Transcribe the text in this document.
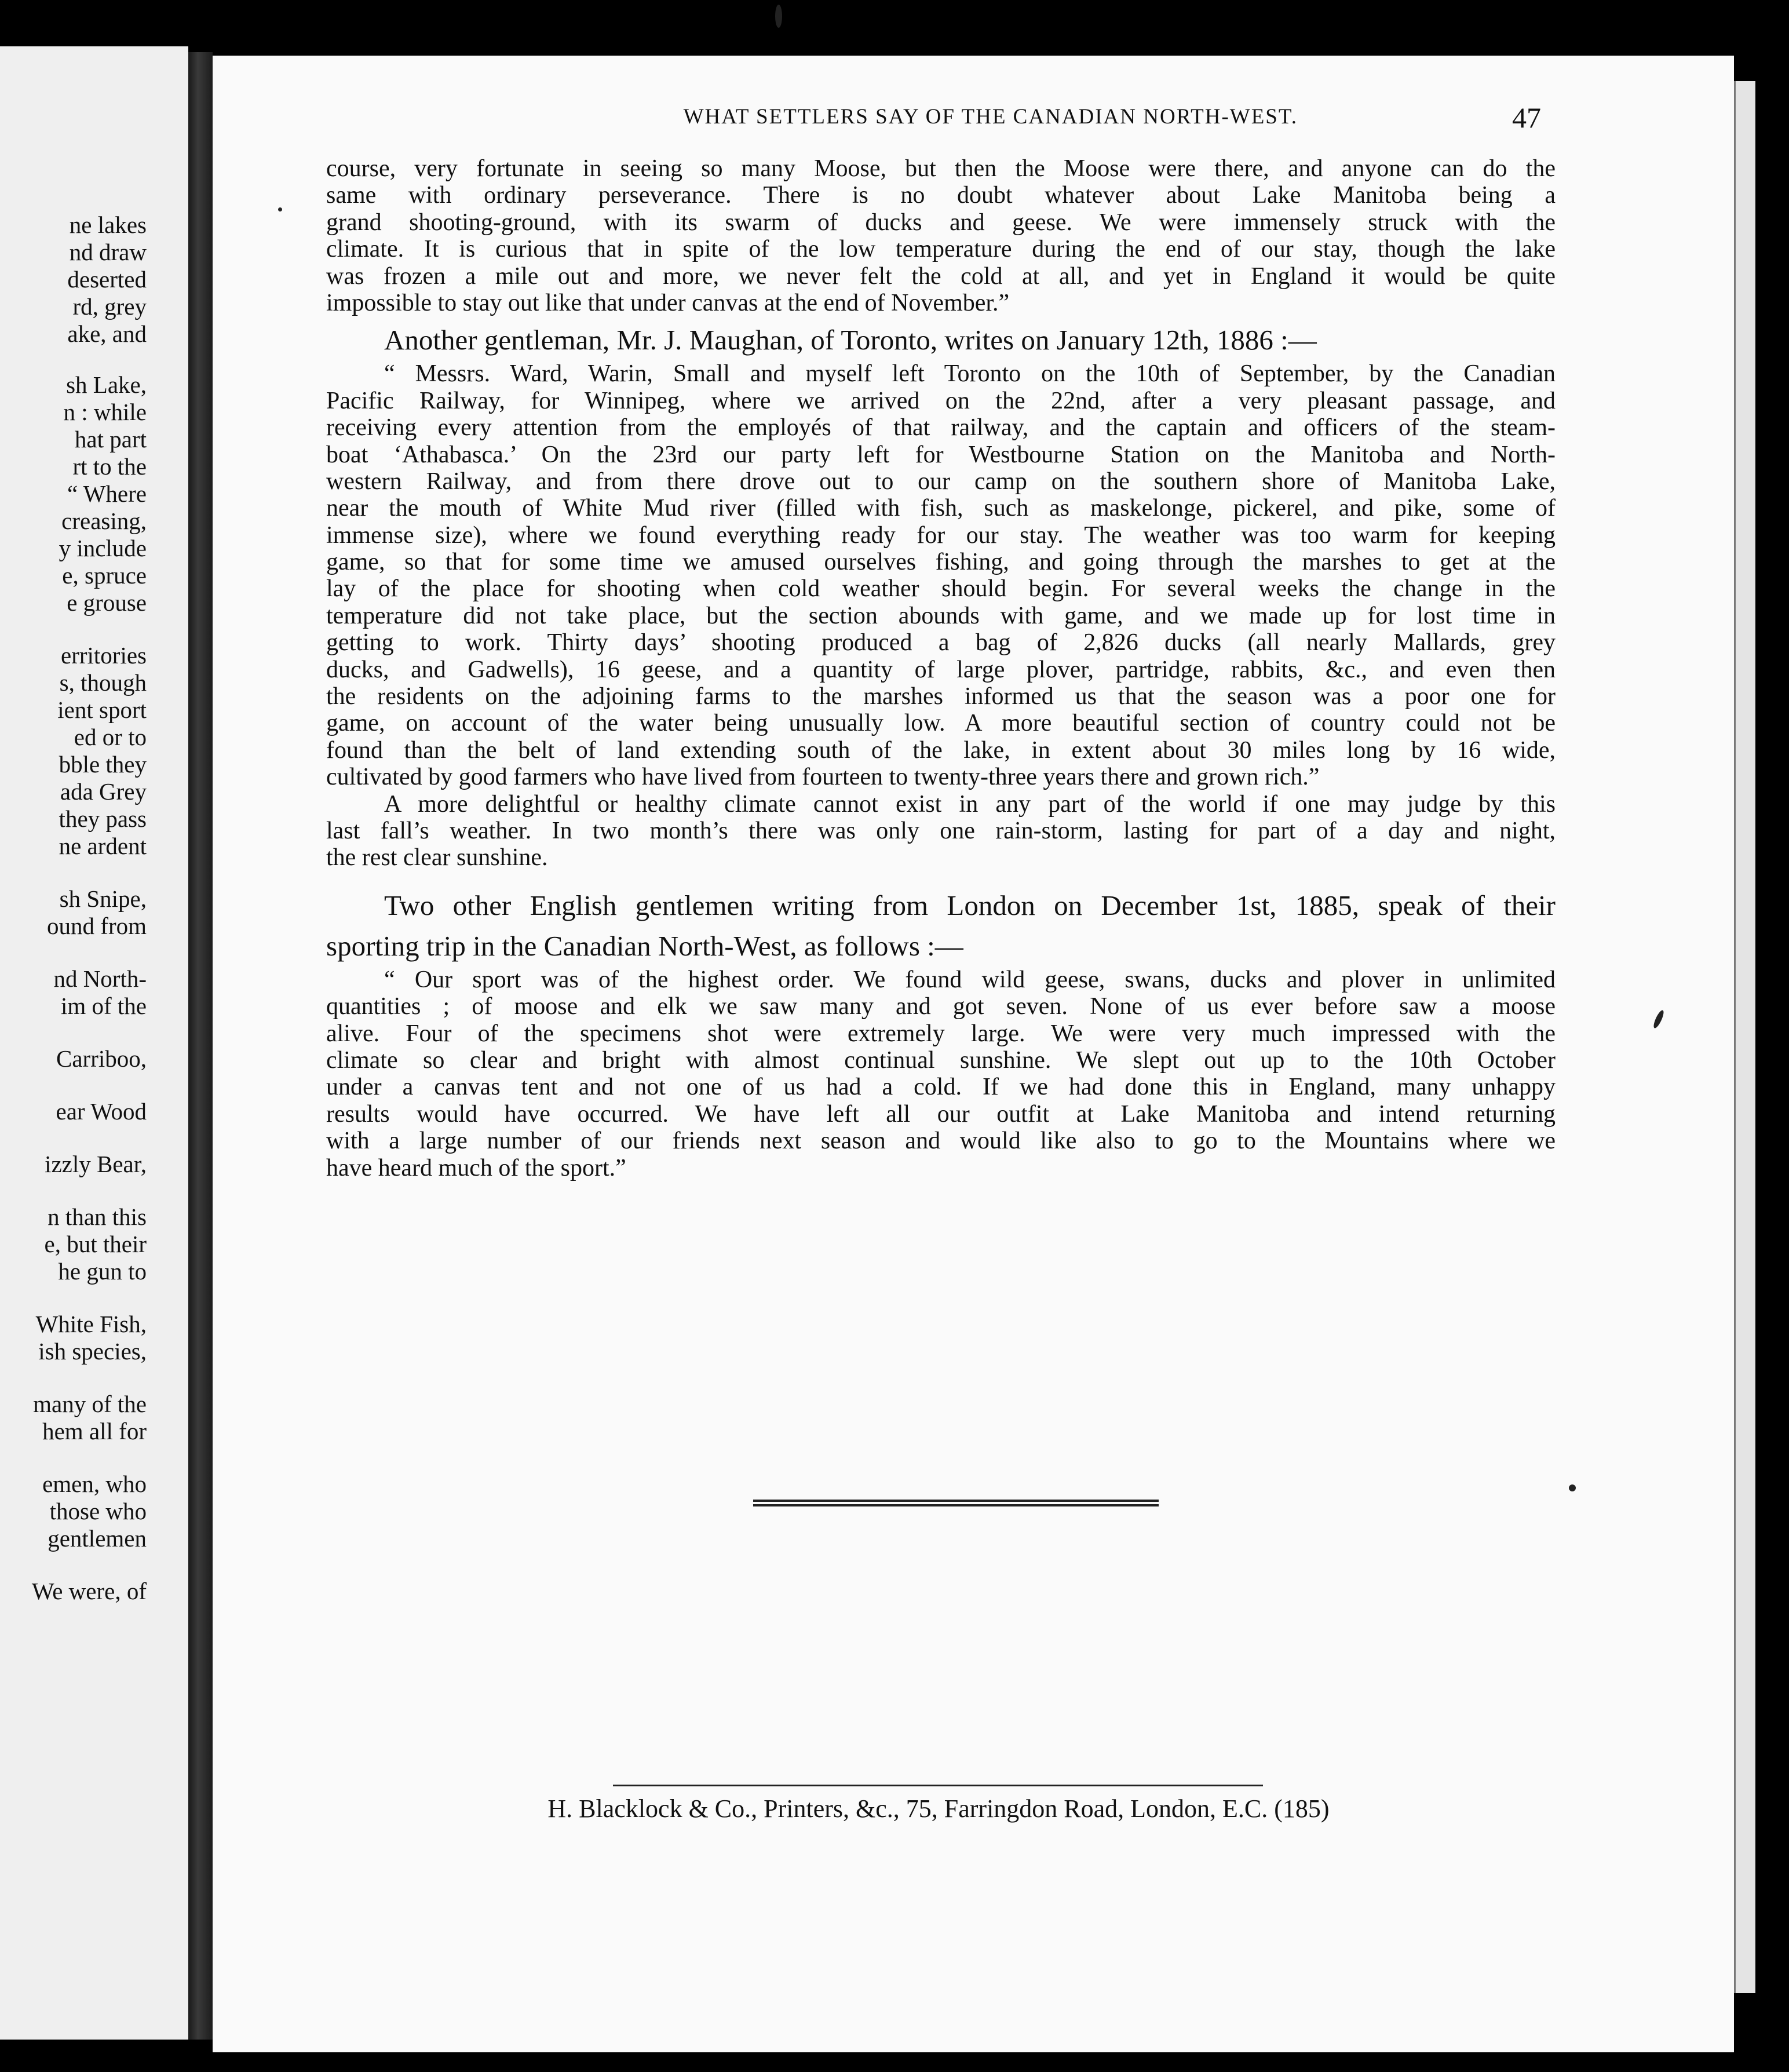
ne lakes
nd draw
deserted
rd, grey
ake, and
sh Lake,
n : while
hat part
rt to the
“ Where
creasing,
y include
e, spruce
e grouse
erritories
s, though
ient sport
ed or to
bble they
ada Grey
they pass
ne ardent
sh Snipe,
ound from
nd North-
im of the
Carriboo,
ear Wood
izzly Bear,
n than this
e, but their
he gun to
White Fish,
ish species,
many of the
hem all for
emen, who
those who
gentlemen
We were, of
WHAT SETTLERS SAY OF THE CANADIAN NORTH-WEST.	47
course, very fortunate in seeing so many Moose, but then the Moose were there, and anyone can do the
same with ordinary perseverance. There is no doubt whatever about Lake Manitoba being a
grand shooting-ground, with its swarm of ducks and geese. We were immensely struck with the
climate. It is curious that in spite of the low temperature during the end of our stay, though the lake
was frozen a mile out and more, we never felt the cold at all, and yet in England it would be quite
impossible to stay out like that under canvas at the end of November.”
Another gentleman, Mr. J. Maughan, of Toronto, writes on January 12th, 1886 :—
“ Messrs. Ward, Warin, Small and myself left Toronto on the 10th of September, by the Canadian
Pacific Railway, for Winnipeg, where we arrived on the 22nd, after a very pleasant passage, and
receiving every attention from the employés of that railway, and the captain and officers of the steam-
boat ‘Athabasca.’ On the 23rd our party left for Westbourne Station on the Manitoba and North-
western Railway, and from there drove out to our camp on the southern shore of Manitoba Lake,
near the mouth of White Mud river (filled with fish, such as maskelonge, pickerel, and pike, some of
immense size), where we found everything ready for our stay. The weather was too warm for keeping
game, so that for some time we amused ourselves fishing, and going through the marshes to get at the
lay of the place for shooting when cold weather should begin. For several weeks the change in the
temperature did not take place, but the section abounds with game, and we made up for lost time in
getting to work. Thirty days’ shooting produced a bag of 2,826 ducks (all nearly Mallards, grey
ducks, and Gadwells), 16 geese, and a quantity of large plover, partridge, rabbits, &c., and even then
the residents on the adjoining farms to the marshes informed us that the season was a poor one for
game, on account of the water being unusually low. A more beautiful section of country could not be
found than the belt of land extending south of the lake, in extent about 30 miles long by 16 wide,
cultivated by good farmers who have lived from fourteen to twenty-three years there and grown rich.”
A more delightful or healthy climate cannot exist in any part of the world if one may judge by this
last fall’s weather. In two month’s there was only one rain-storm, lasting for part of a day and night,
the rest clear sunshine.
Two other English gentlemen writing from London on December 1st, 1885, speak of their
sporting trip in the Canadian North-West, as follows :—
“ Our sport was of the highest order. We found wild geese, swans, ducks and plover in unlimited
quantities ; of moose and elk we saw many and got seven. None of us ever before saw a moose
alive. Four of the specimens shot were extremely large. We were very much impressed with the
climate so clear and bright with almost continual sunshine. We slept out up to the 10th October
under a canvas tent and not one of us had a cold. If we had done this in England, many unhappy
results would have occurred. We have left all our outfit at Lake Manitoba and intend returning
with a large number of our friends next season and would like also to go to the Mountains where we
have heard much of the sport.”
H. Blacklock & Co., Printers, &c., 75, Farringdon Road, London, E.C. (185)
